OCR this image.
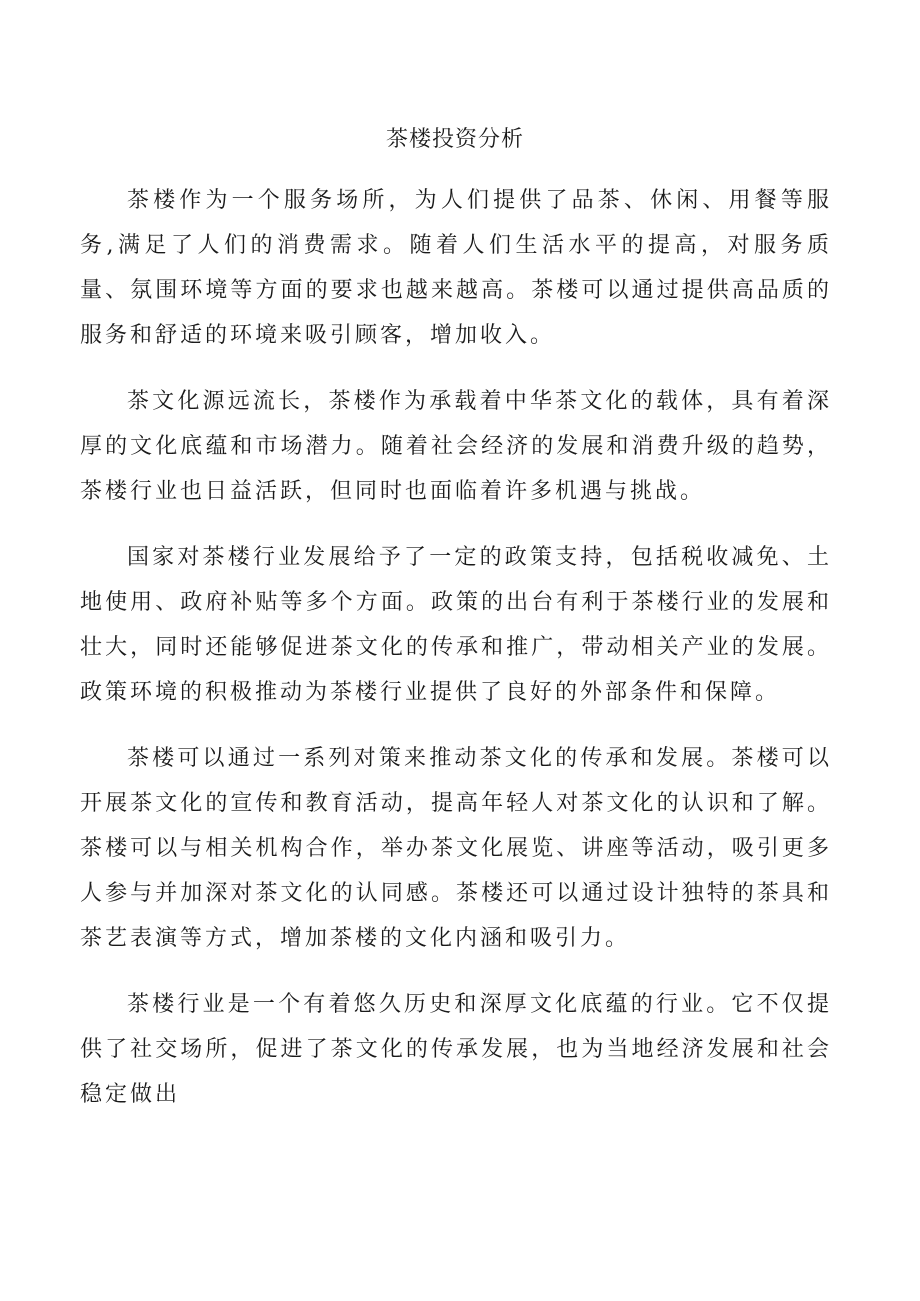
茶楼投资分析

茶楼作为一个服务场所，为人们提供了品茶、休闲、用餐等服务,满足了人们的消费需求。随着人们生活水平的提高，对服务质量、氛围环境等方面的要求也越来越高。茶楼可以通过提供高品质的服务和舒适的环境来吸引顾客，增加收入。

茶文化源远流长，茶楼作为承载着中华茶文化的载体，具有着深厚的文化底蕴和市场潜力。随着社会经济的发展和消费升级的趋势，茶楼行业也日益活跃，但同时也面临着许多机遇与挑战。

国家对茶楼行业发展给予了一定的政策支持，包括税收减免、土地使用、政府补贴等多个方面。政策的出台有利于茶楼行业的发展和壮大，同时还能够促进茶文化的传承和推广，带动相关产业的发展。政策环境的积极推动为茶楼行业提供了良好的外部条件和保障。

茶楼可以通过一系列对策来推动茶文化的传承和发展。茶楼可以开展茶文化的宣传和教育活动，提高年轻人对茶文化的认识和了解。茶楼可以与相关机构合作，举办茶文化展览、讲座等活动，吸引更多人参与并加深对茶文化的认同感。茶楼还可以通过设计独特的茶具和茶艺表演等方式，增加茶楼的文化内涵和吸引力。

茶楼行业是一个有着悠久历史和深厚文化底蕴的行业。它不仅提供了社交场所，促进了茶文化的传承发展，也为当地经济发展和社会稳定做出
